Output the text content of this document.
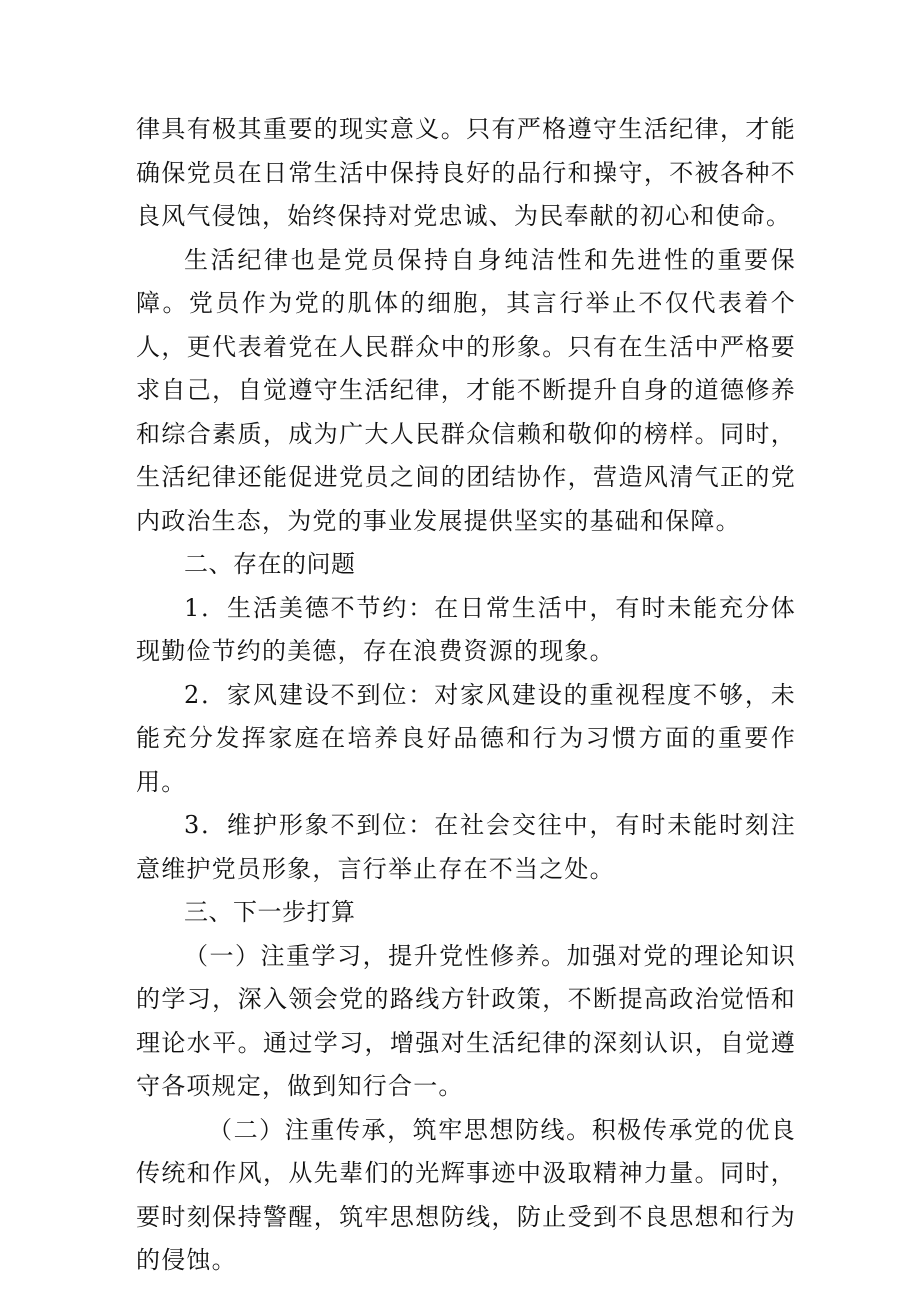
律具有极其重要的现实意义。只有严格遵守生活纪律，才能确保党员在日常生活中保持良好的品行和操守，不被各种不良风气侵蚀，始终保持对党忠诚、为民奉献的初心和使命。

生活纪律也是党员保持自身纯洁性和先进性的重要保障。党员作为党的肌体的细胞，其言行举止不仅代表着个人，更代表着党在人民群众中的形象。只有在生活中严格要求自己，自觉遵守生活纪律，才能不断提升自身的道德修养和综合素质，成为广大人民群众信赖和敬仰的榜样。同时，生活纪律还能促进党员之间的团结协作，营造风清气正的党内政治生态，为党的事业发展提供坚实的基础和保障。

二、存在的问题

1．生活美德不节约：在日常生活中，有时未能充分体现勤俭节约的美德，存在浪费资源的现象。

2．家风建设不到位：对家风建设的重视程度不够，未能充分发挥家庭在培养良好品德和行为习惯方面的重要作用。

3．维护形象不到位：在社会交往中，有时未能时刻注意维护党员形象，言行举止存在不当之处。

三、下一步打算

（一）注重学习，提升党性修养。加强对党的理论知识的学习，深入领会党的路线方针政策，不断提高政治觉悟和理论水平。通过学习，增强对生活纪律的深刻认识，自觉遵守各项规定，做到知行合一。

（二）注重传承，筑牢思想防线。积极传承党的优良传统和作风，从先辈们的光辉事迹中汲取精神力量。同时，要时刻保持警醒，筑牢思想防线，防止受到不良思想和行为的侵蚀。
